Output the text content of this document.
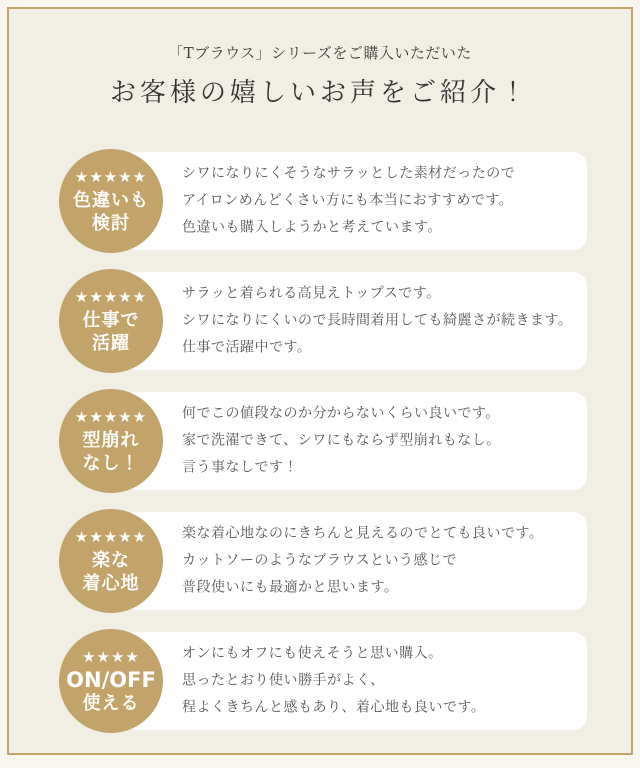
「Tブラウス」シリーズをご購入いただいた
お客様の嬉しいお声をご紹介！
★★★★★
色違いも
検討
シワになりにくそうなサラッとした素材だったので
アイロンめんどくさい方にも本当におすすめです。
色違いも購入しようかと考えています。
★★★★★
仕事で
活躍
サラッと着られる高見えトップスです。
シワになりにくいので長時間着用しても綺麗さが続きます。
仕事で活躍中です。
★★★★★
型崩れ
なし！
何でこの値段なのか分からないくらい良いです。
家で洗濯できて、シワにもならず型崩れもなし。
言う事なしです！
★★★★★
楽な
着心地
楽な着心地なのにきちんと見えるのでとても良いです。
カットソーのようなブラウスという感じで
普段使いにも最適かと思います。
★★★★
ON/OFF
使える
オンにもオフにも使えそうと思い購入。
思ったとおり使い勝手がよく、
程よくきちんと感もあり、着心地も良いです。
